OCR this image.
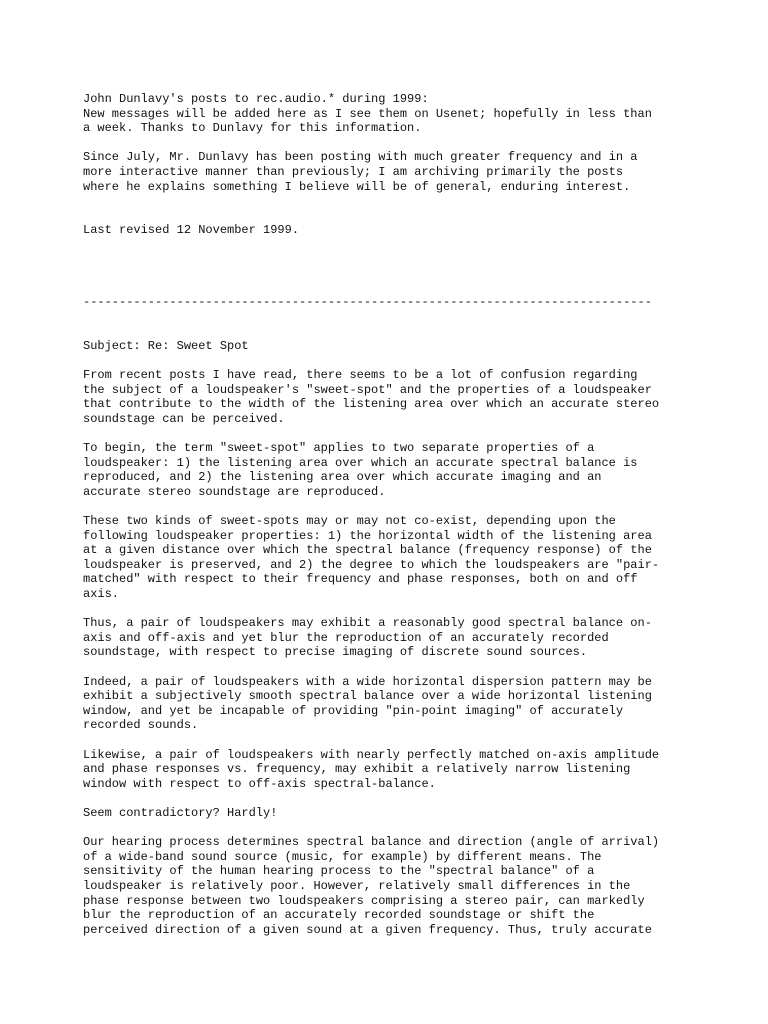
John Dunlavy's posts to rec.audio.* during 1999:

New messages will be added here as I see them on Usenet; hopefully in less than
a week. Thanks to Dunlavy for this information.

Since July, Mr. Dunlavy has been posting with much greater frequency and in a
more interactive manner than previously; I am archiving primarily the posts
where he explains something I believe will be of general, enduring interest.

Last revised 12 November 1999.

-------------------------------------------------------------------------------

Subject: Re: Sweet Spot

From recent posts I have read, there seems to be a lot of confusion regarding
the subject of a loudspeaker's "sweet-spot" and the properties of a loudspeaker
that contribute to the width of the listening area over which an accurate stereo
soundstage can be perceived.

To begin, the term "sweet-spot" applies to two separate properties of a
loudspeaker: 1) the listening area over which an accurate spectral balance is
reproduced, and 2) the listening area over which accurate imaging and an
accurate stereo soundstage are reproduced.

These two kinds of sweet-spots may or may not co-exist, depending upon the
following loudspeaker properties: 1) the horizontal width of the listening area
at a given distance over which the spectral balance (frequency response) of the
loudspeaker is preserved, and 2) the degree to which the loudspeakers are "pair-
matched" with respect to their frequency and phase responses, both on and off
axis.

Thus, a pair of loudspeakers may exhibit a reasonably good spectral balance on-
axis and off-axis and yet blur the reproduction of an accurately recorded
soundstage, with respect to precise imaging of discrete sound sources.

Indeed, a pair of loudspeakers with a wide horizontal dispersion pattern may be
exhibit a subjectively smooth spectral balance over a wide horizontal listening
window, and yet be incapable of providing "pin-point imaging" of accurately
recorded sounds.

Likewise, a pair of loudspeakers with nearly perfectly matched on-axis amplitude
and phase responses vs. frequency, may exhibit a relatively narrow listening
window with respect to off-axis spectral-balance.

Seem contradictory? Hardly!

Our hearing process determines spectral balance and direction (angle of arrival)
of a wide-band sound source (music, for example) by different means. The
sensitivity of the human hearing process to the "spectral balance" of a
loudspeaker is relatively poor. However, relatively small differences in the
phase response between two loudspeakers comprising a stereo pair, can markedly
blur the reproduction of an accurately recorded soundstage or shift the
perceived direction of a given sound at a given frequency. Thus, truly accurate
